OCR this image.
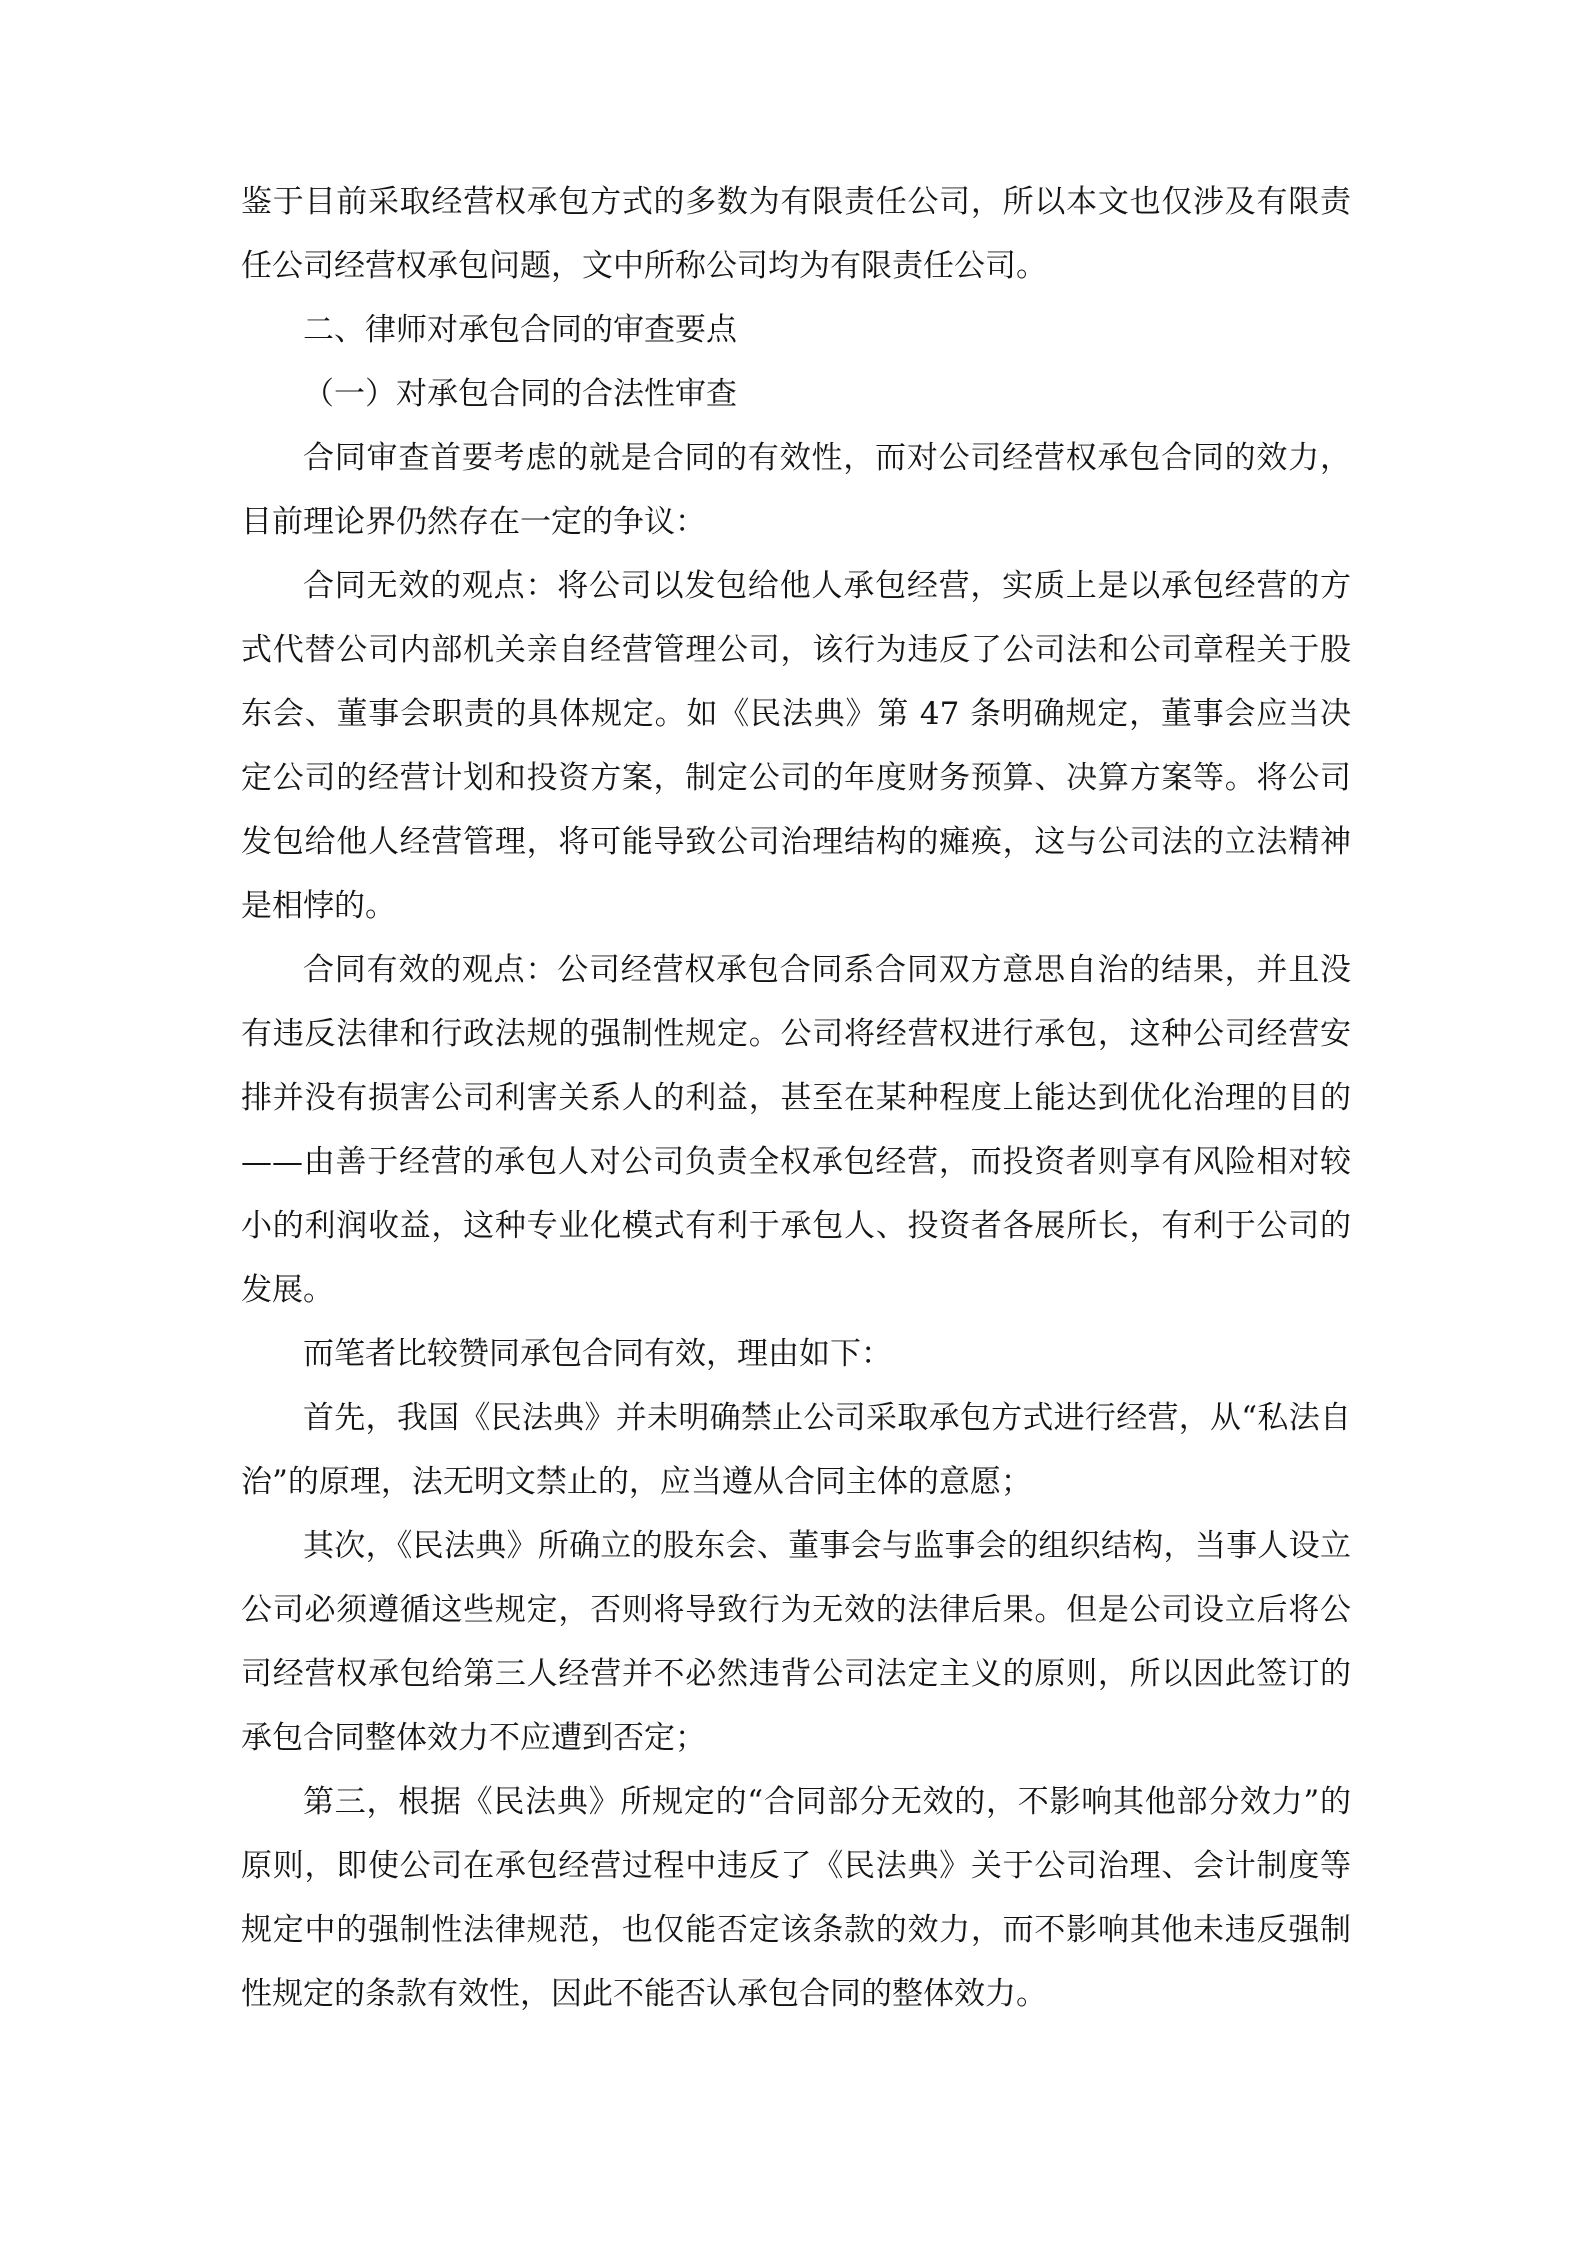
鉴于目前采取经营权承包方式的多数为有限责任公司，所以本文也仅涉及有限责任公司经营权承包问题，文中所称公司均为有限责任公司。

二、律师对承包合同的审查要点

（一）对承包合同的合法性审查

合同审查首要考虑的就是合同的有效性，而对公司经营权承包合同的效力，目前理论界仍然存在一定的争议：

合同无效的观点：将公司以发包给他人承包经营，实质上是以承包经营的方式代替公司内部机关亲自经营管理公司，该行为违反了公司法和公司章程关于股东会、董事会职责的具体规定。如《民法典》第 47 条明确规定，董事会应当决定公司的经营计划和投资方案，制定公司的年度财务预算、决算方案等。将公司发包给他人经营管理，将可能导致公司治理结构的瘫痪，这与公司法的立法精神是相悖的。

合同有效的观点：公司经营权承包合同系合同双方意思自治的结果，并且没有违反法律和行政法规的强制性规定。公司将经营权进行承包，这种公司经营安排并没有损害公司利害关系人的利益，甚至在某种程度上能达到优化治理的目的——由善于经营的承包人对公司负责全权承包经营，而投资者则享有风险相对较小的利润收益，这种专业化模式有利于承包人、投资者各展所长，有利于公司的发展。

而笔者比较赞同承包合同有效，理由如下：

首先，我国《民法典》并未明确禁止公司采取承包方式进行经营，从“私法自治”的原理，法无明文禁止的，应当遵从合同主体的意愿；

其次，《民法典》所确立的股东会、董事会与监事会的组织结构，当事人设立公司必须遵循这些规定，否则将导致行为无效的法律后果。但是公司设立后将公司经营权承包给第三人经营并不必然违背公司法定主义的原则，所以因此签订的承包合同整体效力不应遭到否定；

第三，根据《民法典》所规定的“合同部分无效的，不影响其他部分效力”的原则，即使公司在承包经营过程中违反了《民法典》关于公司治理、会计制度等规定中的强制性法律规范，也仅能否定该条款的效力，而不影响其他未违反强制性规定的条款有效性，因此不能否认承包合同的整体效力。
